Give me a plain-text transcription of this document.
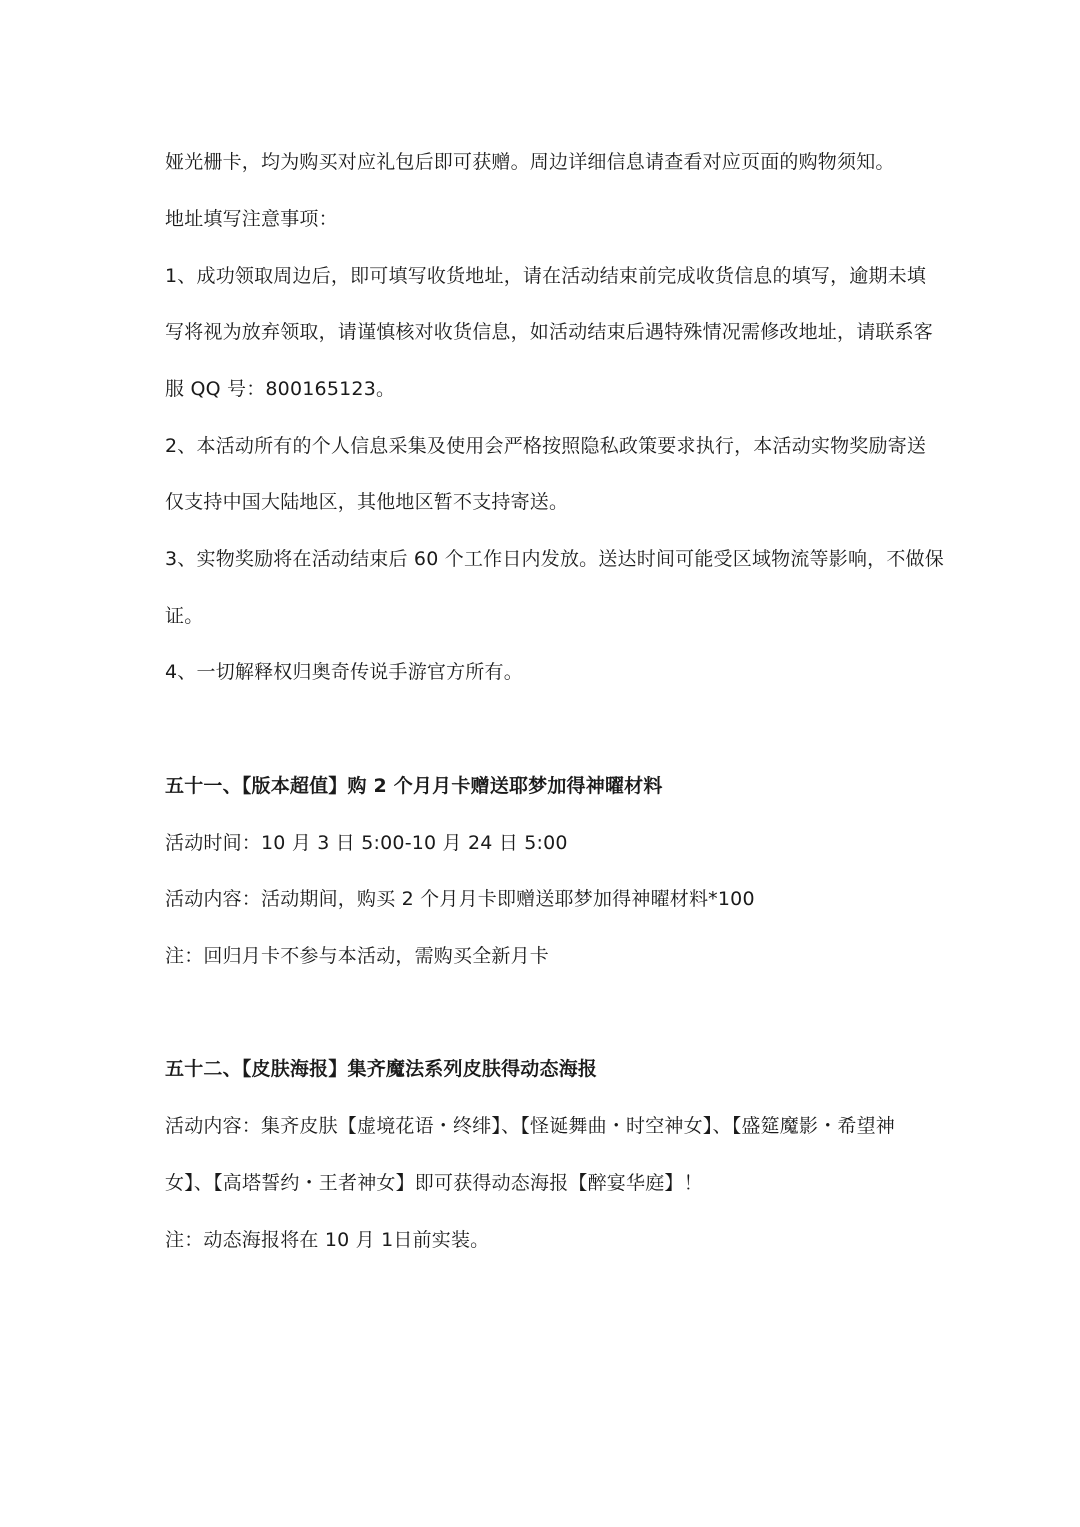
娅光栅卡，均为购买对应礼包后即可获赠。周边详细信息请查看对应页面的购物须知。
地址填写注意事项：
1、成功领取周边后，即可填写收货地址，请在活动结束前完成收货信息的填写，逾期未填
写将视为放弃领取，请谨慎核对收货信息，如活动结束后遇特殊情况需修改地址，请联系客
服 QQ 号：800165123。
2、本活动所有的个人信息采集及使用会严格按照隐私政策要求执行，本活动实物奖励寄送
仅支持中国大陆地区，其他地区暂不支持寄送。
3、实物奖励将在活动结束后 60 个工作日内发放。送达时间可能受区域物流等影响，不做保
证。
4、一切解释权归奥奇传说手游官方所有。
五十一、【版本超值】购 2 个月月卡赠送耶梦加得神曜材料
活动时间：10 月 3 日 5:00-10 月 24 日 5:00
活动内容：活动期间，购买 2 个月月卡即赠送耶梦加得神曜材料*100
注：回归月卡不参与本活动，需购买全新月卡
五十二、【皮肤海报】集齐魔法系列皮肤得动态海报
活动内容：集齐皮肤【虚境花语・终绯】、【怪诞舞曲・时空神女】、【盛筵魔影・希望神
女】、【高塔誓约・王者神女】即可获得动态海报【醉宴华庭】！
注：动态海报将在 10 月 1日前实装。
